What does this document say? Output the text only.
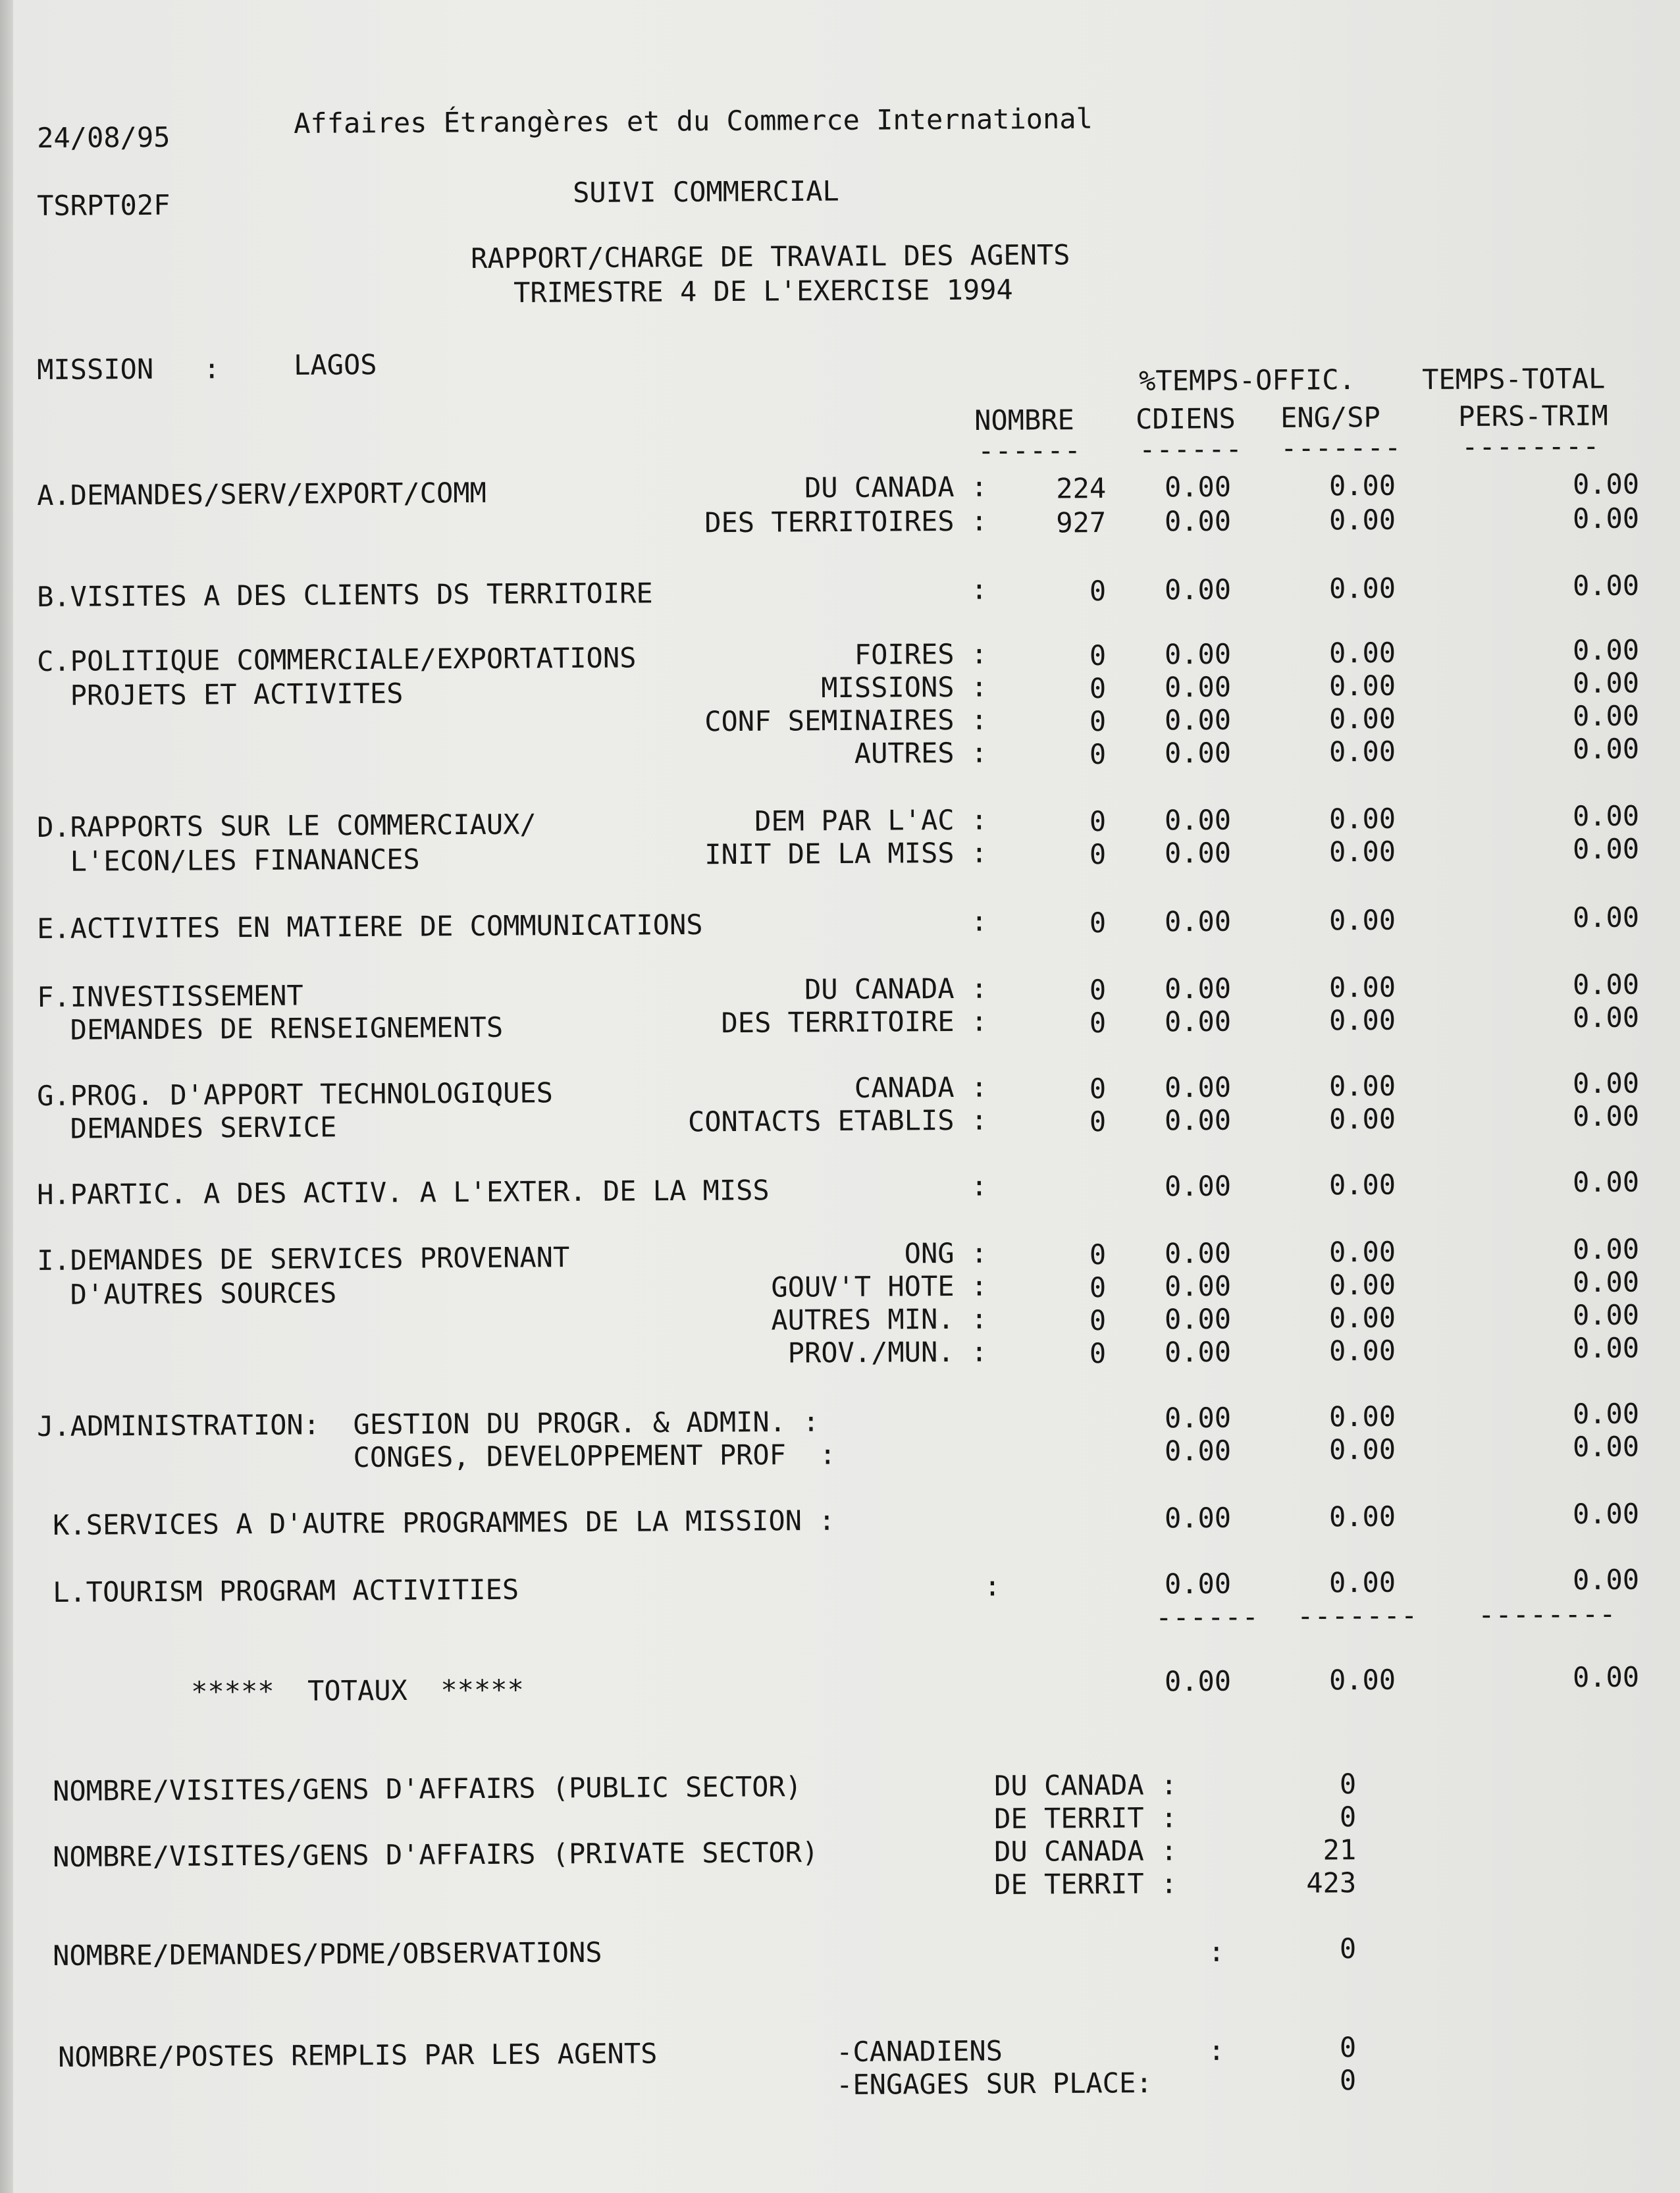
24/08/95	Affaires Étrangères et du Commerce International
TSRPT02F	SUIVI COMMERCIAL
RAPPORT/CHARGE DE TRAVAIL DES AGENTS
TRIMESTRE 4 DE L'EXERCISE 1994
MISSION   :	LAGOS	%TEMPS-OFFIC. TEMPS-TOTAL
NOMBRE CDIENS ENG/SP	PERS-TRIM
------ ------ ------- --------
A.DEMANDES/SERV/EXPORT/COMM	DU CANADA :	224	0.00	0.00	0.00
DES TERRITOIRES :	927	0.00	0.00	0.00
B.VISITES A DES CLIENTS DS TERRITOIRE	:	0	0.00	0.00	0.00
C.POLITIQUE COMMERCIALE/EXPORTATIONS	FOIRES :	0	0.00	0.00	0.00
PROJETS ET ACTIVITES	MISSIONS :	0	0.00	0.00	0.00
CONF SEMINAIRES :	0	0.00	0.00	0.00
AUTRES :	0	0.00	0.00	0.00
D.RAPPORTS SUR LE COMMERCIAUX/	DEM PAR L'AC :	0	0.00	0.00	0.00
L'ECON/LES FINANANCES	INIT DE LA MISS :	0	0.00	0.00	0.00
E.ACTIVITES EN MATIERE DE COMMUNICATIONS	:	0	0.00	0.00	0.00
F.INVESTISSEMENT	DU CANADA :	0	0.00	0.00	0.00
DEMANDES DE RENSEIGNEMENTS	DES TERRITOIRE :	0	0.00	0.00	0.00
G.PROG. D'APPORT TECHNOLOGIQUES	CANADA :	0	0.00	0.00	0.00
DEMANDES SERVICE	CONTACTS ETABLIS :	0	0.00	0.00	0.00
H.PARTIC. A DES ACTIV. A L'EXTER. DE LA MISS	:	0.00	0.00	0.00
I.DEMANDES DE SERVICES PROVENANT	ONG :	0	0.00	0.00	0.00
D'AUTRES SOURCES	GOUV'T HOTE :	0	0.00	0.00	0.00
AUTRES MIN. :	0	0.00	0.00	0.00
PROV./MUN. :	0	0.00	0.00	0.00
J.ADMINISTRATION:  GESTION DU PROGR. & ADMIN. :	0.00	0.00	0.00
CONGES, DEVELOPPEMENT PROF  :	0.00	0.00	0.00
K.SERVICES A D'AUTRE PROGRAMMES DE LA MISSION :	0.00	0.00	0.00
L.TOURISM PROGRAM ACTIVITIES	:	0.00	0.00	0.00
------ ------- --------
*****  TOTAUX  *****	0.00	0.00	0.00
NOMBRE/VISITES/GENS D'AFFAIRS (PUBLIC SECTOR)	DU CANADA :	0
DE TERRIT :	0
NOMBRE/VISITES/GENS D'AFFAIRS (PRIVATE SECTOR)	DU CANADA :	21
DE TERRIT :	423
NOMBRE/DEMANDES/PDME/OBSERVATIONS	:	0
NOMBRE/POSTES REMPLIS PAR LES AGENTS	-CANADIENS	:	0
-ENGAGES SUR PLACE:	0
